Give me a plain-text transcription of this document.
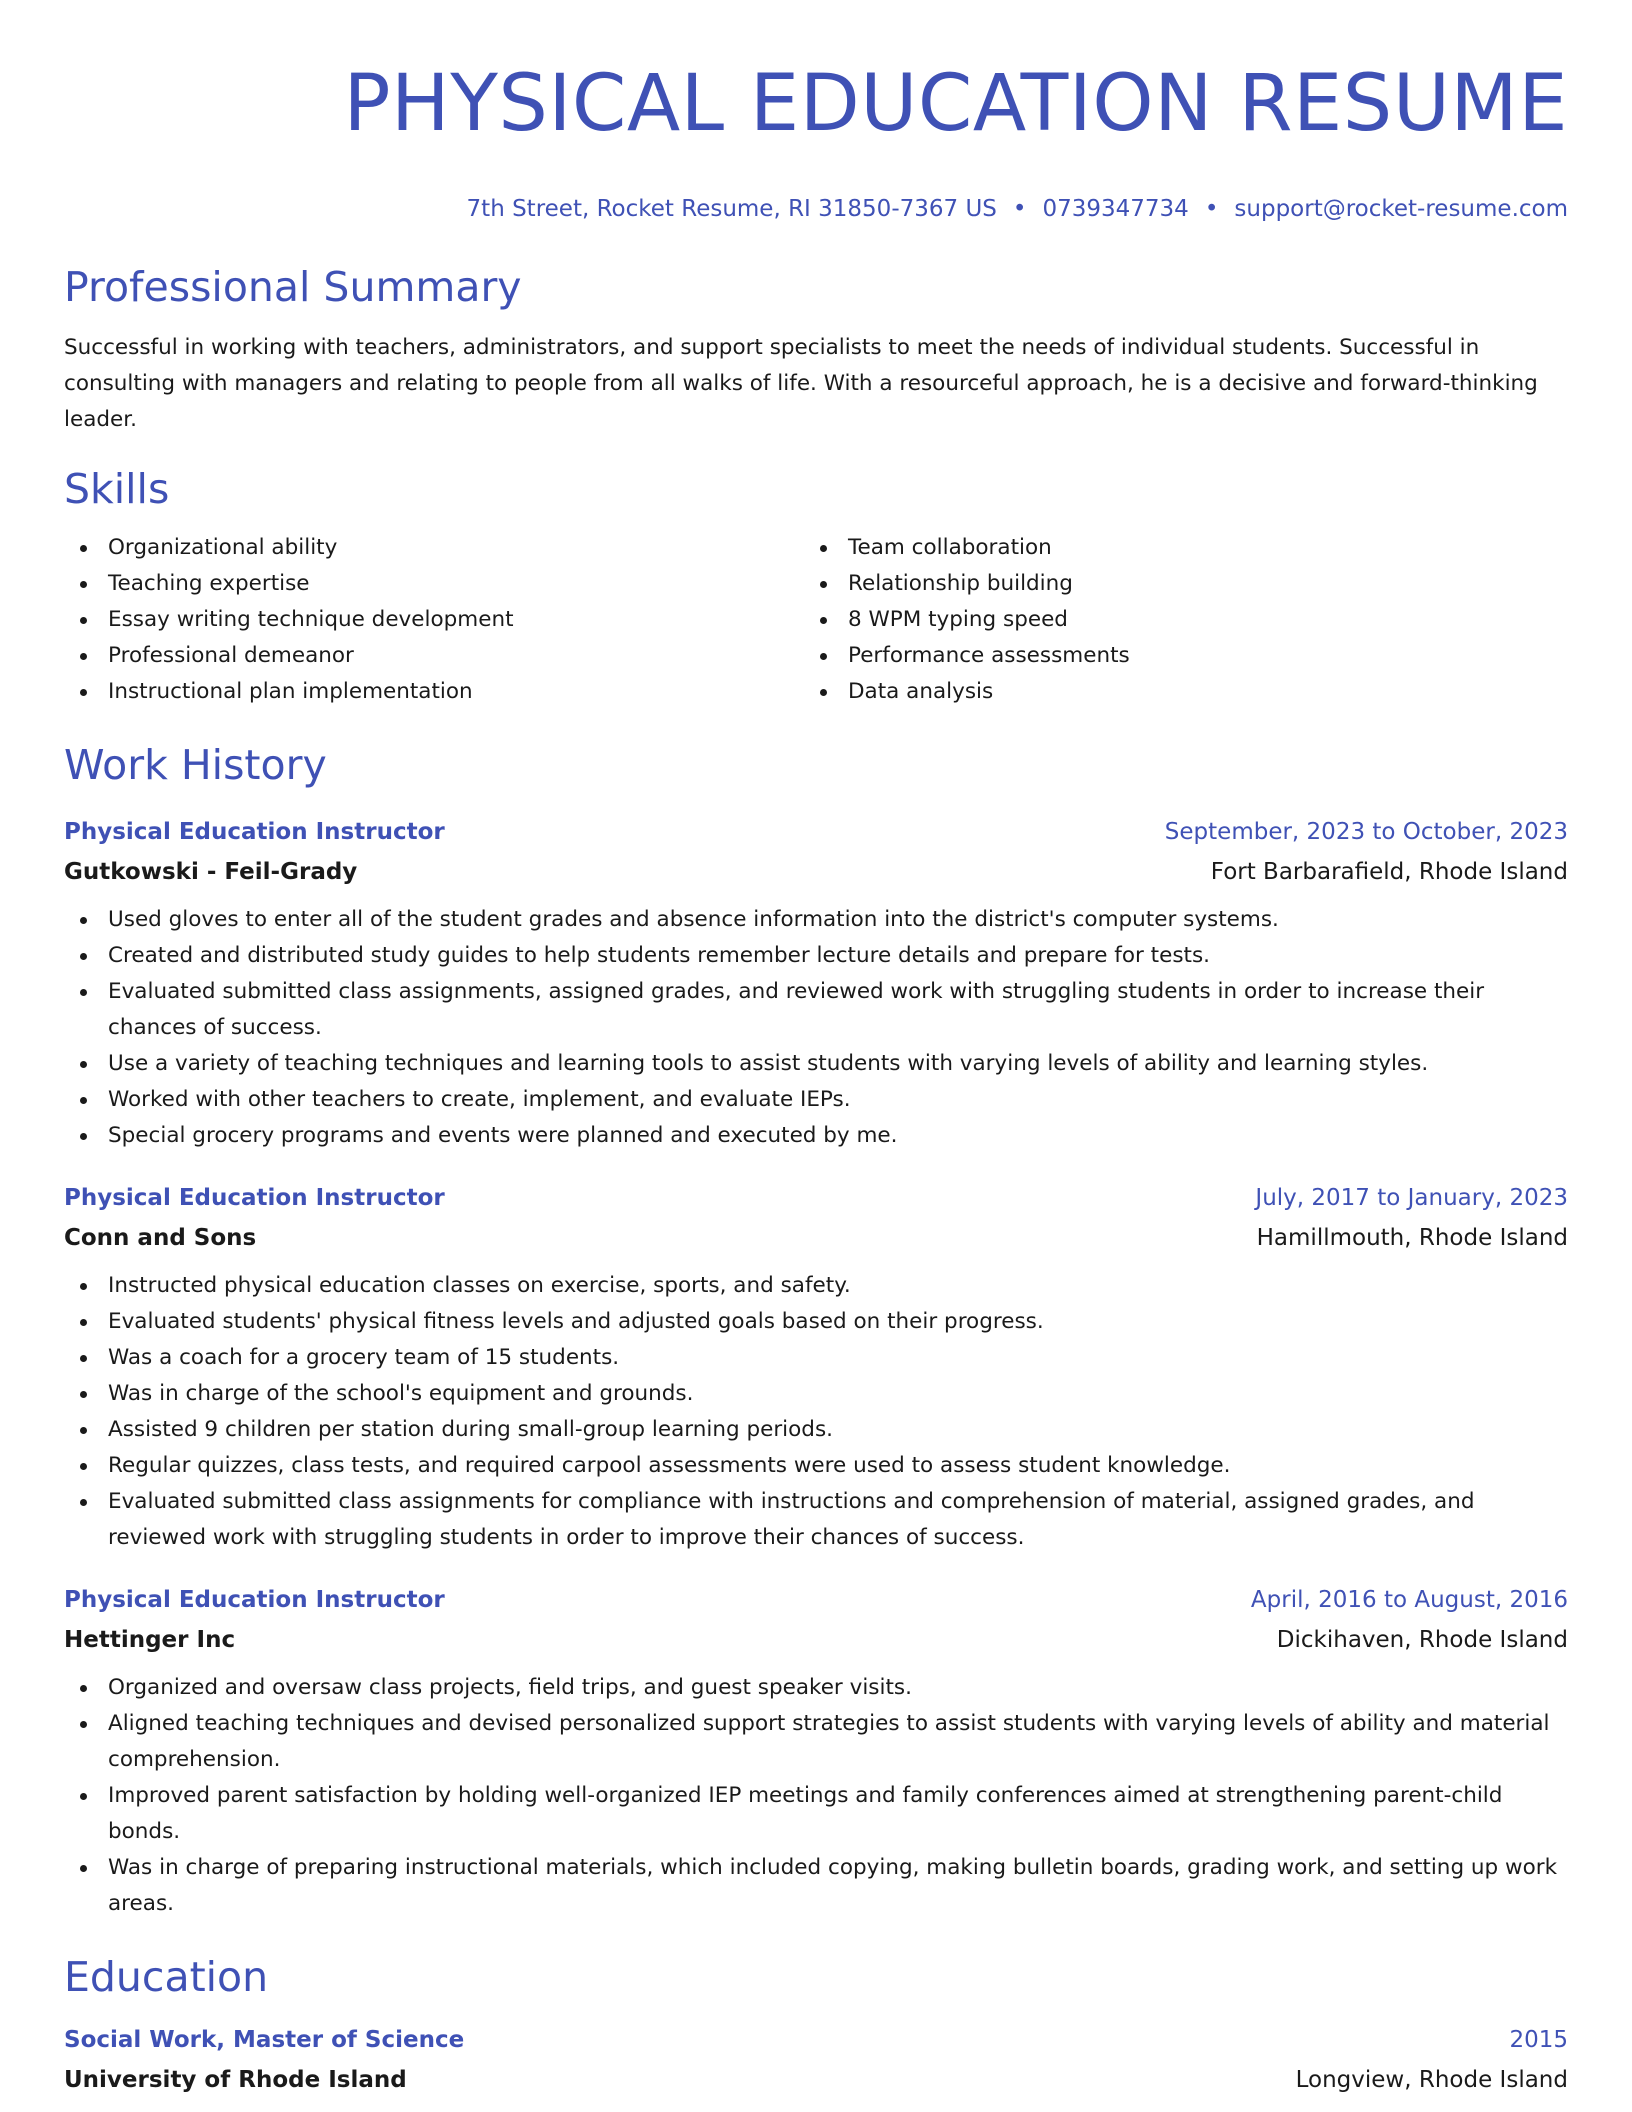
PHYSICAL EDUCATION RESUME
7th Street, Rocket Resume, RI 31850-7367 US • 0739347734 • support@rocket-resume.com
Professional Summary

Successful in working with teachers, administrators, and support specialists to meet the needs of individual students. Successful in consulting with managers and relating to people from all walks of life. With a resourceful approach, he is a decisive and forward-thinking leader.

Skills
Organizational ability
Teaching expertise
Essay writing technique development
Professional demeanor
Instructional plan implementation
Team collaboration
Relationship building
8 WPM typing speed
Performance assessments
Data analysis
Work History
Physical Education Instructor	September, 2023 to October, 2023
Gutkowski - Feil-Grady	Fort Barbarafield, Rhode Island
Used gloves to enter all of the student grades and absence information into the district's computer systems.
Created and distributed study guides to help students remember lecture details and prepare for tests.
Evaluated submitted class assignments, assigned grades, and reviewed work with struggling students in order to increase their chances of success.
Use a variety of teaching techniques and learning tools to assist students with varying levels of ability and learning styles.
Worked with other teachers to create, implement, and evaluate IEPs.
Special grocery programs and events were planned and executed by me.
Physical Education Instructor	July, 2017 to January, 2023
Conn and Sons	Hamillmouth, Rhode Island
Instructed physical education classes on exercise, sports, and safety.
Evaluated students' physical fitness levels and adjusted goals based on their progress.
Was a coach for a grocery team of 15 students.
Was in charge of the school's equipment and grounds.
Assisted 9 children per station during small-group learning periods.
Regular quizzes, class tests, and required carpool assessments were used to assess student knowledge.
Evaluated submitted class assignments for compliance with instructions and comprehension of material, assigned grades, and reviewed work with struggling students in order to improve their chances of success.
Physical Education Instructor	April, 2016 to August, 2016
Hettinger Inc	Dickihaven, Rhode Island
Organized and oversaw class projects, field trips, and guest speaker visits.
Aligned teaching techniques and devised personalized support strategies to assist students with varying levels of ability and material comprehension.
Improved parent satisfaction by holding well-organized IEP meetings and family conferences aimed at strengthening parent-child bonds.
Was in charge of preparing instructional materials, which included copying, making bulletin boards, grading work, and setting up work areas.
Education
Social Work, Master of Science	2015
University of Rhode Island	Longview, Rhode Island
